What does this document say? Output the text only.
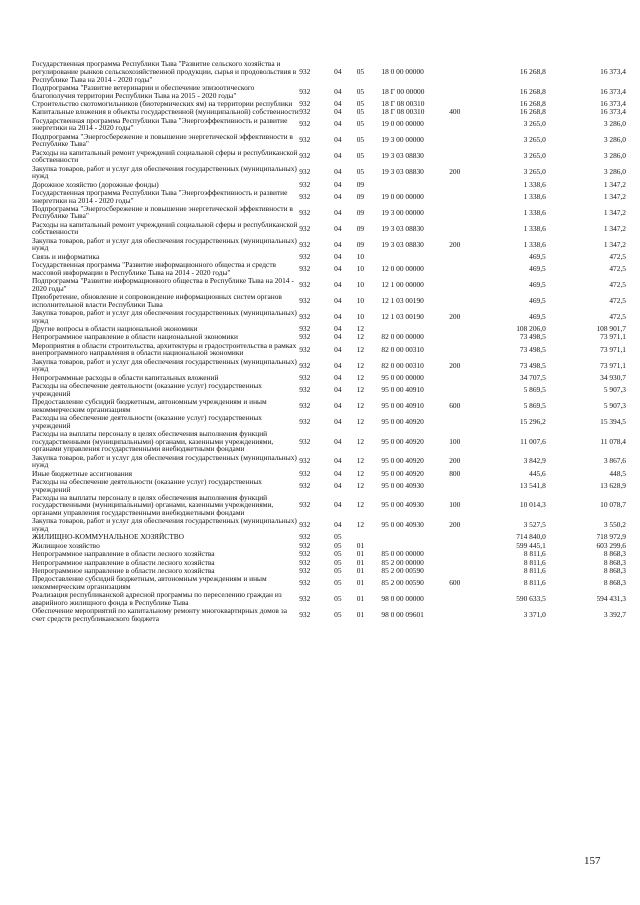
Государственная программа Республики Тыва "Развитие сельского хозяйства и регулирование рынков сельскохозяйственной продукции, сырья и продовольствия в Республике Тыва на 2014 - 2020 годы"	932	04	05	18 0 00 00000		16 268,8	16 373,4
Подпрограмма "Развитие ветеринарии и обеспечение эпизоотического благополучия территории Республики Тыва на 2015 - 2020 годы"	932	04	05	18 Г 00 00000		16 268,8	16 373,4
Строительство скотомогильников (биотермических ям) на территории республики	932	04	05	18 Г 08 00310		16 268,8	16 373,4
Капитальные вложения в объекты государственной (муниципальной) собственности	932	04	05	18 Г 08 00310	400	16 268,8	16 373,4
Государственная программа Республики Тыва "Энергоэффективность и развитие энергетики на 2014 - 2020 годы"	932	04	05	19 0 00 00000		3 265,0	3 286,0
Подпрограмма "Энергосбережение и повышение энергетической эффективности в Республике Тыва"	932	04	05	19 3 00 00000		3 265,0	3 286,0
Расходы на капитальный ремонт учреждений социальной сферы и республиканской собственности	932	04	05	19 3 03 08830		3 265,0	3 286,0
Закупка товаров, работ и услуг для обеспечения государственных (муниципальных) нужд	932	04	05	19 3 03 08830	200	3 265,0	3 286,0
Дорожное хозяйство (дорожные фонды)	932	04	09			1 338,6	1 347,2
Государственная программа Республики Тыва "Энергоэффективность и развитие энергетики на 2014 - 2020 годы"	932	04	09	19 0 00 00000		1 338,6	1 347,2
Подпрограмма "Энергосбережение и повышение энергетической эффективности в Республике Тыва"	932	04	09	19 3 00 00000		1 338,6	1 347,2
Расходы на капитальный ремонт учреждений социальной сферы и республиканской собственности	932	04	09	19 3 03 08830		1 338,6	1 347,2
Закупка товаров, работ и услуг для обеспечения государственных (муниципальных) нужд	932	04	09	19 3 03 08830	200	1 338,6	1 347,2
Связь и информатика	932	04	10			469,5	472,5
Государственная программа "Развитие информационного общества и средств массовой информации в Республике Тыва на 2014 - 2020 годы"	932	04	10	12 0 00 00000		469,5	472,5
Подпрограмма "Развитие информационного общества в Республике Тыва на 2014 - 2020 годы"	932	04	10	12 1 00 00000		469,5	472,5
Приобретение, обновление и сопровождение информационных систем органов исполнительной власти Республики Тыва	932	04	10	12 1 03 00190		469,5	472,5
Закупка товаров, работ и услуг для обеспечения государственных (муниципальных) нужд	932	04	10	12 1 03 00190	200	469,5	472,5
Другие вопросы в области национальной экономики	932	04	12			108 206,0	108 901,7
Непрограммное направление в области национальной экономики	932	04	12	82 0 00 00000		73 498,5	73 971,1
Мероприятия в области строительства, архитектуры и градостроительства в рамках внепрограммного направления в области национальной экономики	932	04	12	82 0 00 00310		73 498,5	73 971,1
Закупка товаров, работ и услуг для обеспечения государственных (муниципальных) нужд	932	04	12	82 0 00 00310	200	73 498,5	73 971,1
Непрограммные расходы в области капитальных вложений	932	04	12	95 0 00 00000		34 707,5	34 930,7
Расходы на обеспечение деятельности (оказание услуг) государственных учреждений	932	04	12	95 0 00 40910		5 869,5	5 907,3
Предоставление субсидий бюджетным, автономным учреждениям и иным некоммерческим организациям	932	04	12	95 0 00 40910	600	5 869,5	5 907,3
Расходы на обеспечение деятельности (оказание услуг) государственных учреждений	932	04	12	95 0 00 40920		15 296,2	15 394,5
Расходы на выплаты персоналу в целях обеспечения выполнения функций государственными (муниципальными) органами, казенными учреждениями, органами управления государственными внебюджетными фондами	932	04	12	95 0 00 40920	100	11 007,6	11 078,4
Закупка товаров, работ и услуг для обеспечения государственных (муниципальных) нужд	932	04	12	95 0 00 40920	200	3 842,9	3 867,6
Иные бюджетные ассигнования	932	04	12	95 0 00 40920	800	445,6	448,5
Расходы на обеспечение деятельности (оказание услуг) государственных учреждений	932	04	12	95 0 00 40930		13 541,8	13 628,9
Расходы на выплаты персоналу в целях обеспечения выполнения функций государственными (муниципальными) органами, казенными учреждениями, органами управления государственными внебюджетными фондами	932	04	12	95 0 00 40930	100	10 014,3	10 078,7
Закупка товаров, работ и услуг для обеспечения государственных (муниципальных) нужд	932	04	12	95 0 00 40930	200	3 527,5	3 550,2
ЖИЛИЩНО-КОММУНАЛЬНОЕ ХОЗЯЙСТВО	932	05				714 840,0	718 972,9
Жилищное хозяйство	932	05	01			599 445,1	603 299,6
Непрограммное направление в области лесного хозяйства	932	05	01	85 0 00 00000		8 811,6	8 868,3
Непрограммное направление в области лесного хозяйства	932	05	01	85 2 00 00000		8 811,6	8 868,3
Непрограммное направление в области лесного хозяйства	932	05	01	85 2 00 00590		8 811,6	8 868,3
Предоставление субсидий бюджетным, автономным учреждениям и иным некоммерческим организациям	932	05	01	85 2 00 00590	600	8 811,6	8 868,3
Реализация республиканской адресной программы по переселению граждан из аварийного жилищного фонда в Республике Тыва	932	05	01	98 0 00 00000		590 633,5	594 431,3
Обеспечение мероприятий по капитальному ремонту многоквартирных домов за счет средств республиканского бюджета	932	05	01	98 0 00 09601		3 371,0	3 392,7
157
